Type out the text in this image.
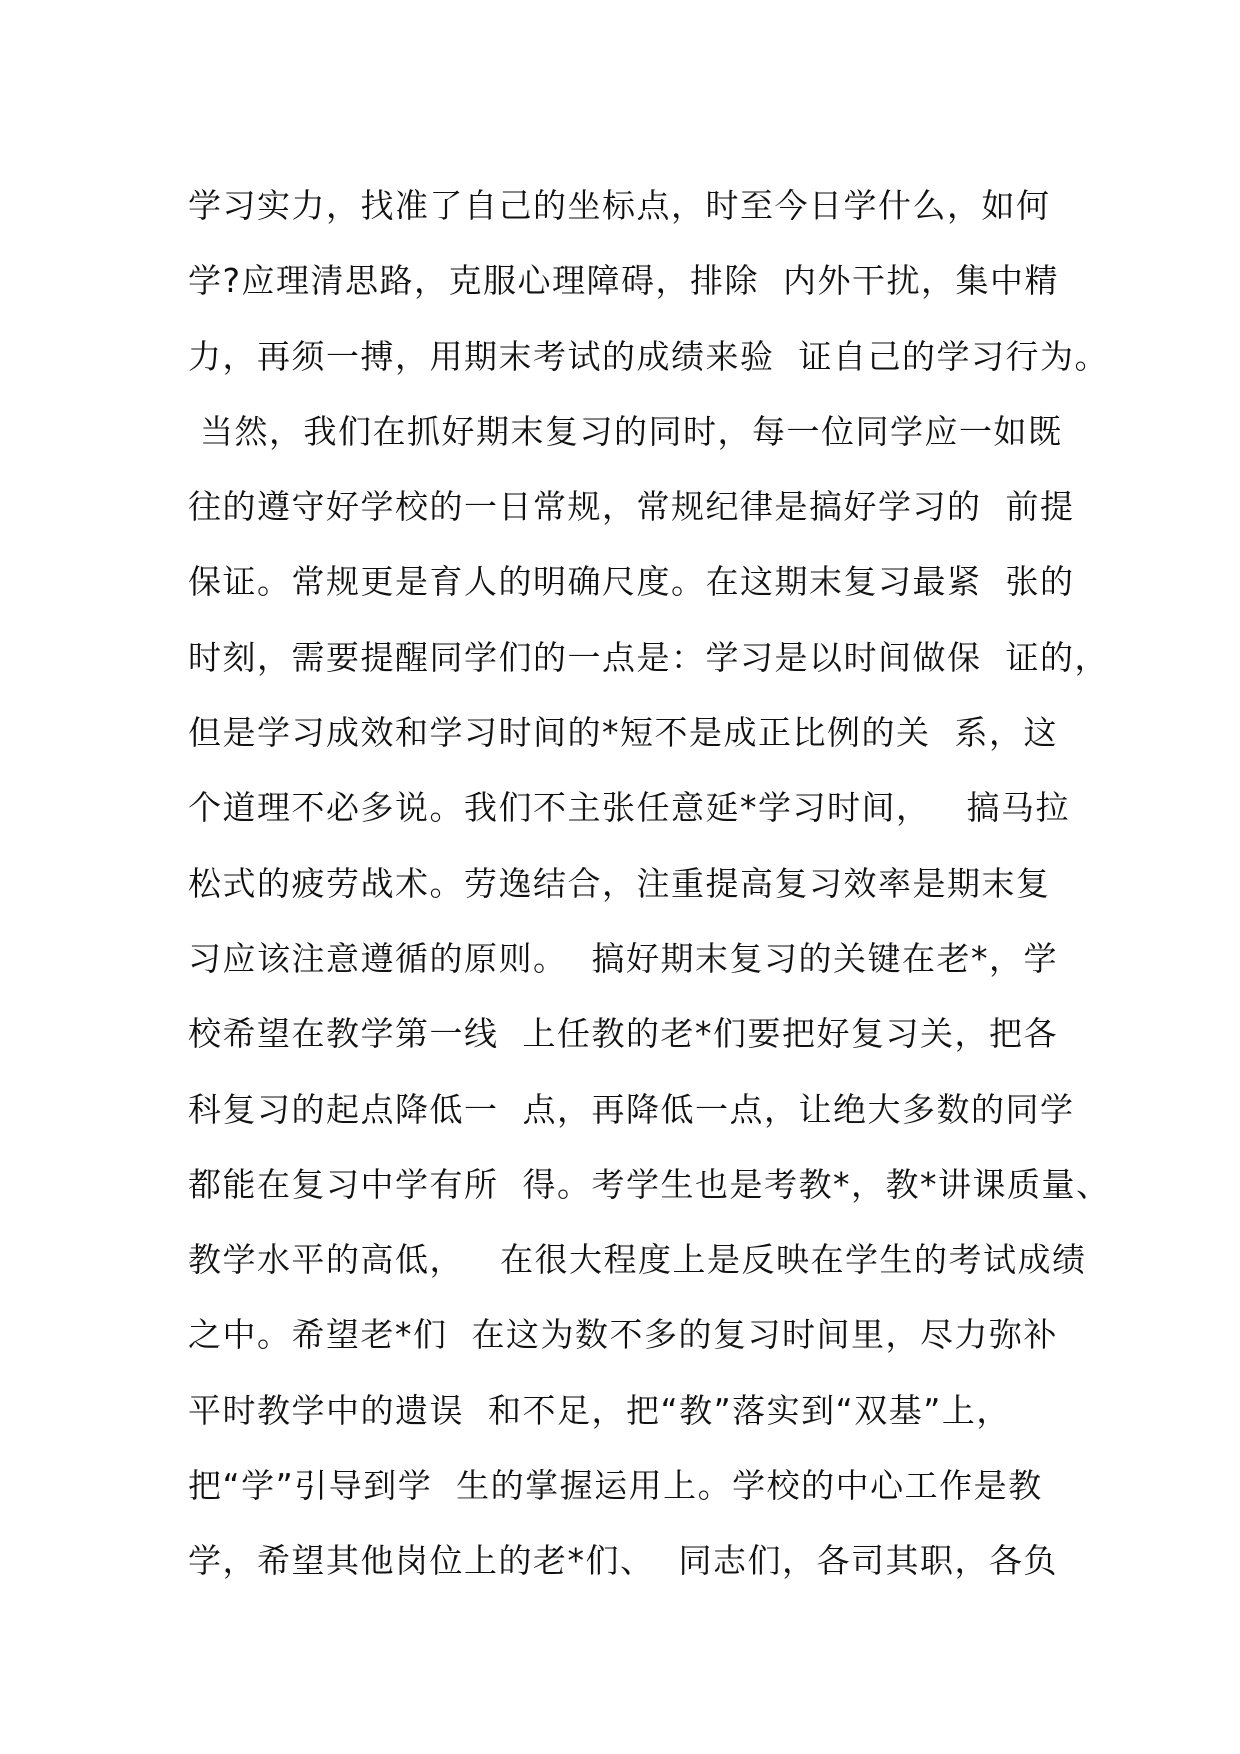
学习实力，找准了自己的坐标点，时至今日学什么，如何
学?应理清思路，克服心理障碍，排除  内外干扰，集中精
力，再须一搏，用期末考试的成绩来验  证自己的学习行为。
当然，我们在抓好期末复习的同时，每一位同学应一如既
往的遵守好学校的一日常规，常规纪律是搞好学习的  前提
保证。常规更是育人的明确尺度。在这期末复习最紧  张的
时刻，需要提醒同学们的一点是：学习是以时间做保  证的，
但是学习成效和学习时间的*短不是成正比例的关  系，这
个道理不必多说。我们不主张任意延*学习时间，   搞马拉
松式的疲劳战术。劳逸结合，注重提高复习效率是期末复
习应该注意遵循的原则。  搞好期末复习的关键在老*，学
校希望在教学第一线  上任教的老*们要把好复习关，把各
科复习的起点降低一  点，再降低一点，让绝大多数的同学
都能在复习中学有所  得。考学生也是考教*，教*讲课质量、
教学水平的高低，   在很大程度上是反映在学生的考试成绩
之中。希望老*们  在这为数不多的复习时间里，尽力弥补
平时教学中的遗误  和不足，把“教”落实到“双基”上，
把“学”引导到学  生的掌握运用上。学校的中心工作是教
学，希望其他岗位上的老*们、  同志们，各司其职，各负
